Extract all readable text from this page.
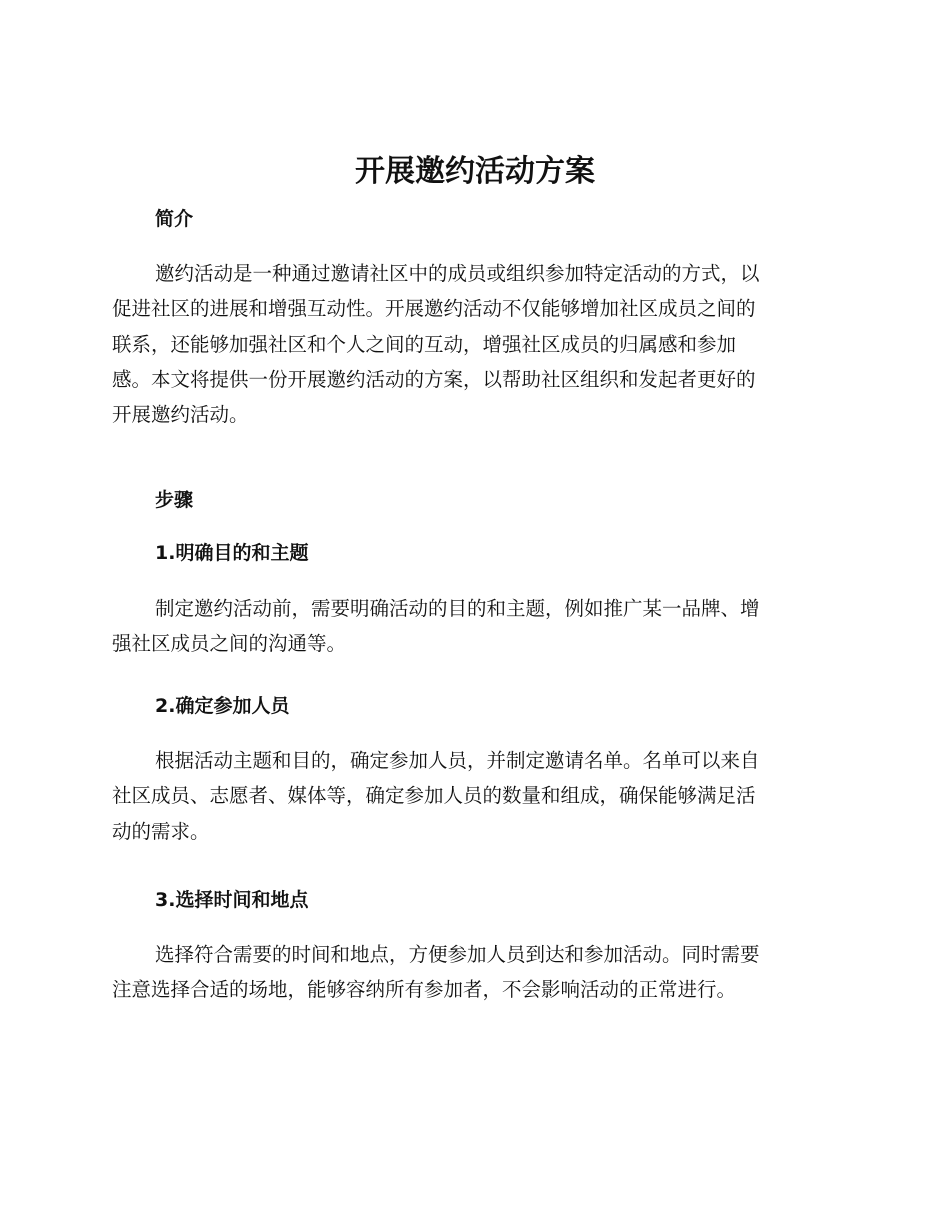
开展邀约活动方案
简介

邀约活动是一种通过邀请社区中的成员或组织参加特定活动的方式，以
促进社区的进展和增强互动性。开展邀约活动不仅能够增加社区成员之间的
联系，还能够加强社区和个人之间的互动，增强社区成员的归属感和参加
感。本文将提供一份开展邀约活动的方案，以帮助社区组织和发起者更好的
开展邀约活动。

步骤
1.明确目的和主题

制定邀约活动前，需要明确活动的目的和主题，例如推广某一品牌、增
强社区成员之间的沟通等。

2.确定参加人员

根据活动主题和目的，确定参加人员，并制定邀请名单。名单可以来自
社区成员、志愿者、媒体等，确定参加人员的数量和组成，确保能够满足活
动的需求。

3.选择时间和地点

选择符合需要的时间和地点，方便参加人员到达和参加活动。同时需要
注意选择合适的场地，能够容纳所有参加者，不会影响活动的正常进行。
